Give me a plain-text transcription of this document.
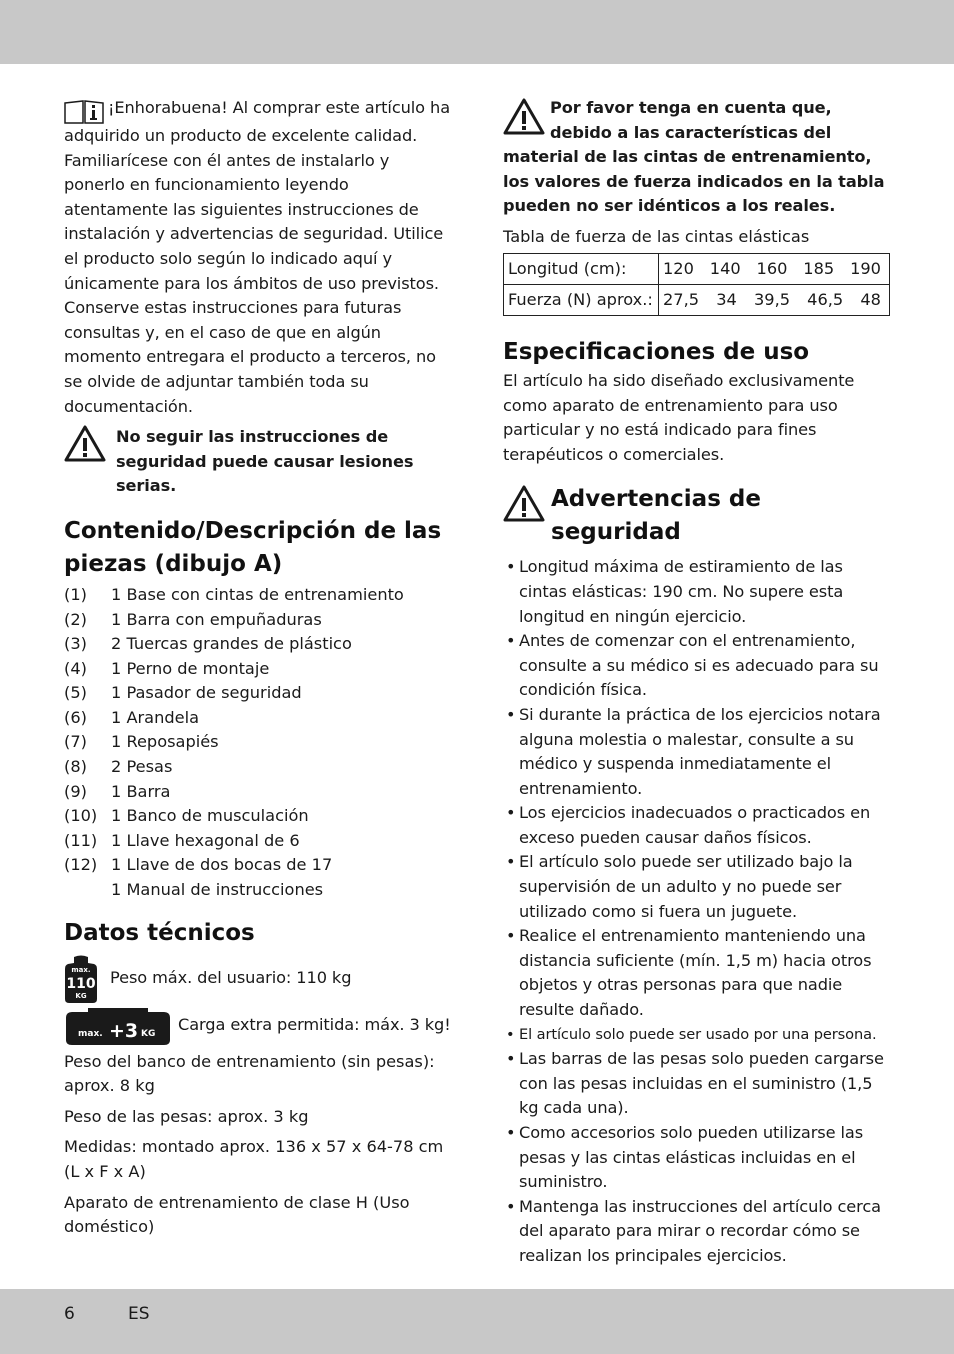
¡Enhorabuena! Al comprar este artículo ha adquirido un producto de excelente calidad. Familiarícese con él antes de instalarlo y ponerlo en funcionamiento leyendo atentamente las siguientes instrucciones de instalación y advertencias de seguridad. Utilice el producto solo según lo indicado aquí y únicamente para los ámbitos de uso previstos. Conserve estas instrucciones para futuras consultas y, en el caso de que en algún momento entregara el producto a terceros, no se olvide de adjuntar también toda su documentación.

No seguir las instrucciones de seguridad puede causar lesiones serias.

Contenido/Descripción de las piezas (dibujo A)
(1)	1 Base con cintas de entrenamiento
(2)	1 Barra con empuñaduras
(3)	2 Tuercas grandes de plástico
(4)	1 Perno de montaje
(5)	1 Pasador de seguridad
(6)	1 Arandela
(7)	1 Reposapiés
(8)	2 Pesas
(9)	1 Barra
(10) 1 Banco de musculación
(11) 1 Llave hexagonal de 6
(12) 1 Llave de dos bocas de 17
1 Manual de instrucciones
Datos técnicos
max.
110
KG
Peso máx. del usuario: 110 kg
max. +3 KG Carga extra permitida: máx. 3 kg!

Peso del banco de entrenamiento (sin pesas): aprox. 8 kg

Peso de las pesas: aprox. 3 kg

Medidas: montado aprox. 136 x 57 x 64-78 cm (L x F x A)

Aparato de entrenamiento de clase H (Uso doméstico)

Por favor tenga en cuenta que, debido a las características del material de las cintas de entrenamiento, los valores de fuerza indicados en la tabla pueden no ser idénticos a los reales.

Tabla de fuerza de las cintas elásticas

Longitud (cm):	120 140 160 185 190

Fuerza (N) aprox.:	27,5 34 39,5 46,5 48
Especificaciones de uso

El artículo ha sido diseñado exclusivamente como aparato de entrenamiento para uso particular y no está indicado para fines terapéuticos o comerciales.

Advertencias de seguridad
• Longitud máxima de estiramiento de las cintas elásticas: 190 cm. No supere esta longitud en ningún ejercicio.
• Antes de comenzar con el entrenamiento, consulte a su médico si es adecuado para su condición física.
• Si durante la práctica de los ejercicios notara alguna molestia o malestar, consulte a su médico y suspenda inmediatamente el entrenamiento.
• Los ejercicios inadecuados o practicados en exceso pueden causar daños físicos.
• El artículo solo puede ser utilizado bajo la supervisión de un adulto y no puede ser utilizado como si fuera un juguete.
• Realice el entrenamiento manteniendo una distancia suficiente (mín. 1,5 m) hacia otros objetos y otras personas para que nadie resulte dañado.
• El artículo solo puede ser usado por una persona.
• Las barras de las pesas solo pueden cargarse con las pesas incluidas en el suministro (1,5 kg cada una).
• Como accesorios solo pueden utilizarse las pesas y las cintas elásticas incluidas en el suministro.
• Mantenga las instrucciones del artículo cerca del aparato para mirar o recordar cómo se realizan los principales ejercicios.
6	ES
